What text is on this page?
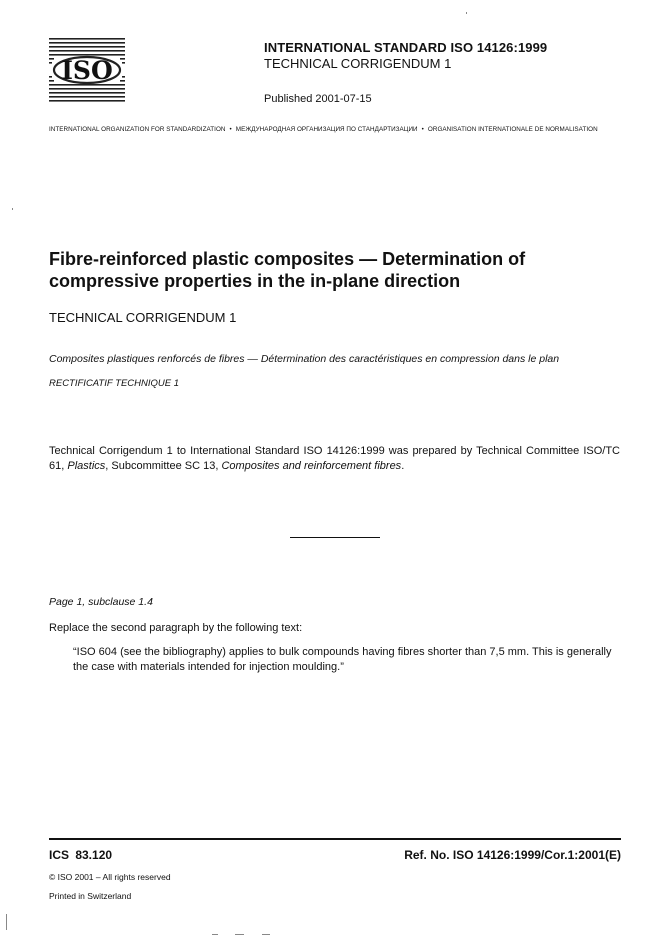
ISO
INTERNATIONAL STANDARD ISO 14126:1999
TECHNICAL CORRIGENDUM 1
Published 2001-07-15
INTERNATIONAL ORGANIZATION FOR STANDARDIZATION • МЕЖДУНАРОДНАЯ ОРГАНИЗАЦИЯ ПО СТАНДАРТИЗАЦИИ • ORGANISATION INTERNATIONALE DE NORMALISATION
Fibre-reinforced plastic composites — Determination of compressive properties in the in-plane direction
TECHNICAL CORRIGENDUM 1
Composites plastiques renforcés de fibres — Détermination des caractéristiques en compression dans le plan
RECTIFICATIF TECHNIQUE 1
Technical Corrigendum 1 to International Standard ISO 14126:1999 was prepared by Technical Committee ISO/TC 61, Plastics, Subcommittee SC 13, Composites and reinforcement fibres.
Page 1, subclause 1.4
Replace the second paragraph by the following text:
“ISO 604 (see the bibliography) applies to bulk compounds having fibres shorter than 7,5 mm. This is generally the case with materials intended for injection moulding.”
ICS 83.120	Ref. No. ISO 14126:1999/Cor.1:2001(E)
© ISO 2001 – All rights reserved
Printed in Switzerland
